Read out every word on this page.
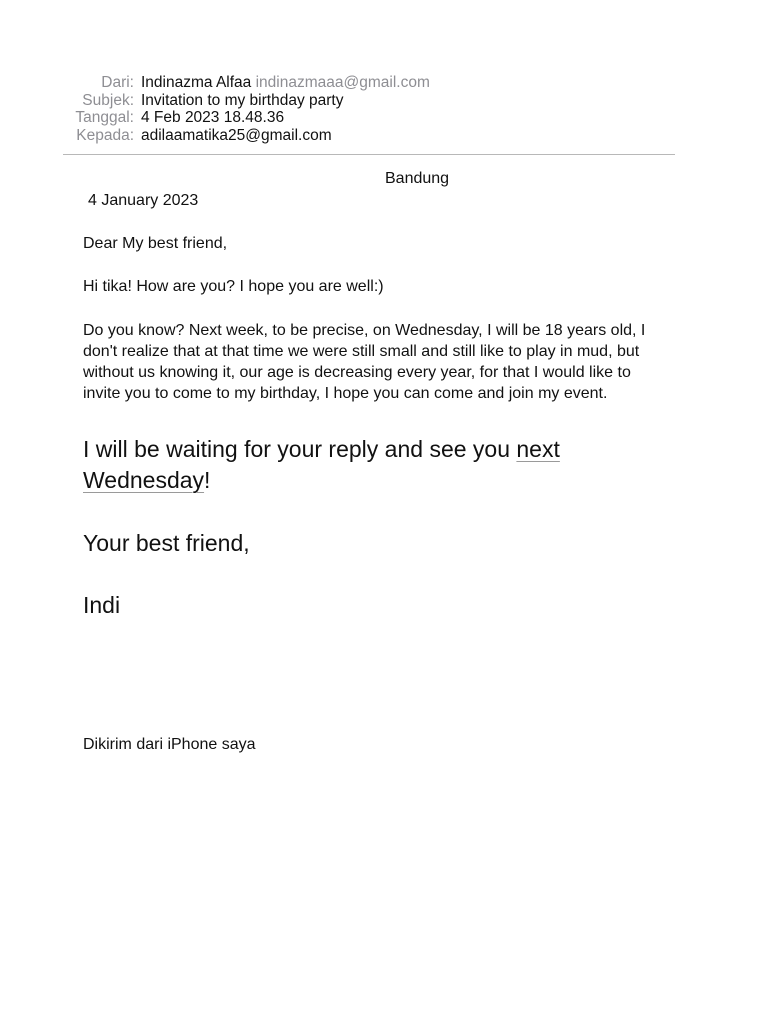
Dari: Indinazma Alfaa indinazmaaa@gmail.com
Subjek: Invitation to my birthday party
Tanggal: 4 Feb 2023 18.48.36
Kepada: adilaamatika25@gmail.com
Bandung
4 January 2023
Dear My best friend,
Hi tika! How are you? I hope you are well:)
Do you know? Next week, to be precise, on Wednesday, I will be 18 years old, I
don't realize that at that time we were still small and still like to play in mud, but
without us knowing it, our age is decreasing every year, for that I would like to
invite you to come to my birthday, I hope you can come and join my event.
I will be waiting for your reply and see you next
Wednesday!
Your best friend,
Indi
Dikirim dari iPhone saya
